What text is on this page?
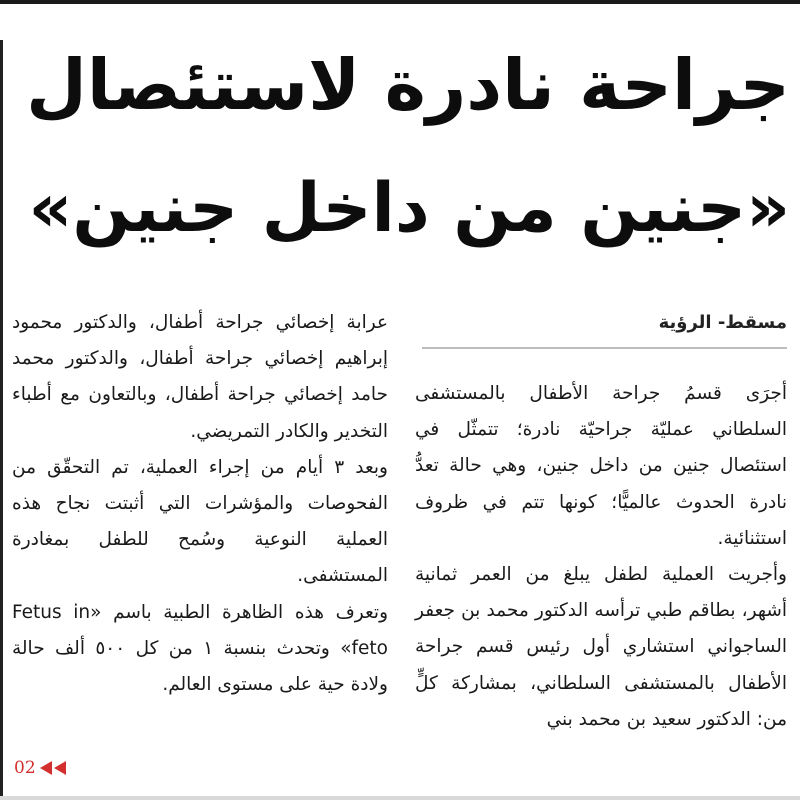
جراحة نادرة لاستئصال
«جنين من داخل جنين»
مسقط- الرؤية

أجرَى قسمُ جراحة الأطفال بالمستشفى السلطاني عمليّة جراحيّة نادرة؛ تتمثّل في استئصال جنين من داخل جنين، وهي حالة تعدُّ نادرة الحدوث عالميًّا؛ كونها تتم في ظروف استثنائية.

وأجريت العملية لطفل يبلغ من العمر ثمانية أشهر، بطاقم طبي ترأسه الدكتور محمد بن جعفر الساجواني استشاري أول رئيس قسم جراحة الأطفال بالمستشفى السلطاني، بمشاركة كلٍّ من: الدكتور سعيد بن محمد بني

عرابة إخصائي جراحة أطفال، والدكتور محمود إبراهيم إخصائي جراحة أطفال، والدكتور محمد حامد إخصائي جراحة أطفال، وبالتعاون مع أطباء التخدير والكادر التمريضي.

وبعد ٣ أيام من إجراء العملية، تم التحقّق من الفحوصات والمؤشرات التي أثبتت نجاح هذه العملية النوعية وسُمح للطفل بمغادرة المستشفى.

وتعرف هذه الظاهرة الطبية باسم «Fetus in feto» وتحدث بنسبة ١ من كل ٥٠٠ ألف حالة ولادة حية على مستوى العالم.

02
